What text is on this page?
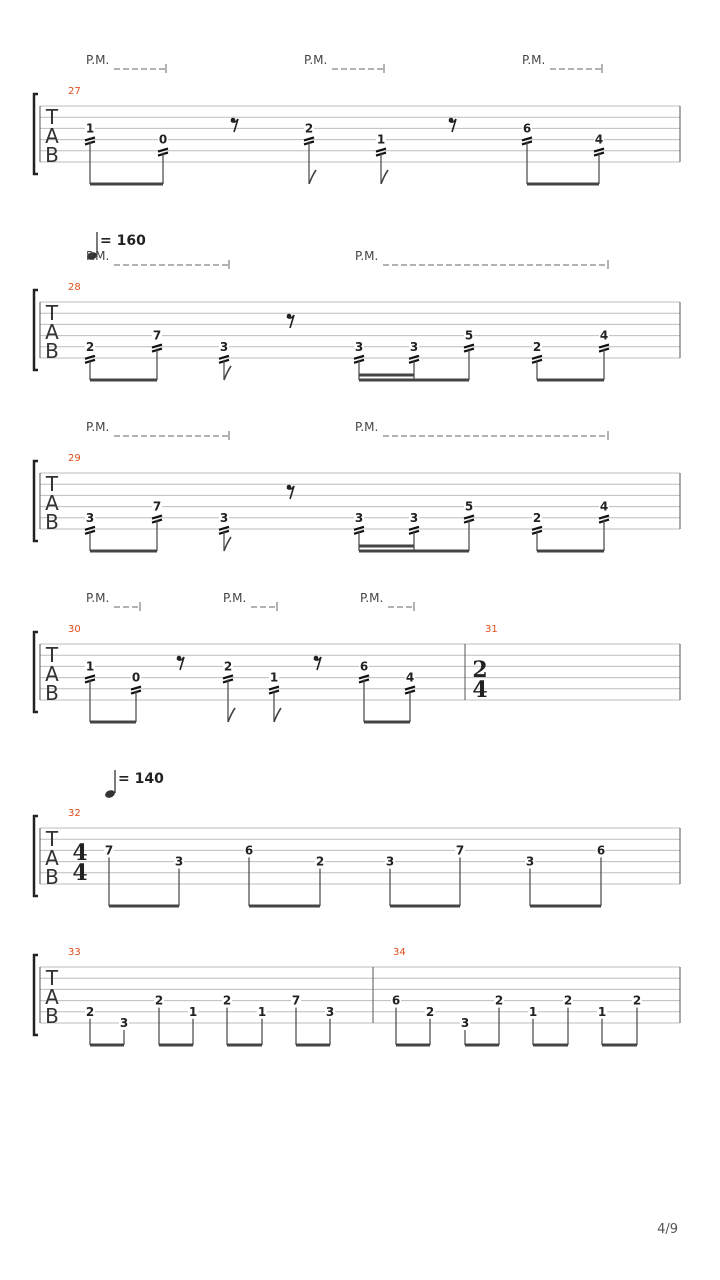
T
A
B
P.M.	P.M.	P.M.
27
1
0
2
1
6
4
T
A
B
= 160
P.M.	P.M.
28
2
7
3	3	3
5
2
4
T
A
B
P.M.	P.M.
29
3
7
3	3	3
5
2
4
T
A
B
P.M.	P.M.	P.M.
30
1
0
2
1
6
4
31
2
4
T
A
B
= 140
32
4
4
7
3
6
2	3
7
3
6
T
A
B
33
2
3
2
1
2
1
7
3
34
6
2
3
2
1
2
1
2
4/9
